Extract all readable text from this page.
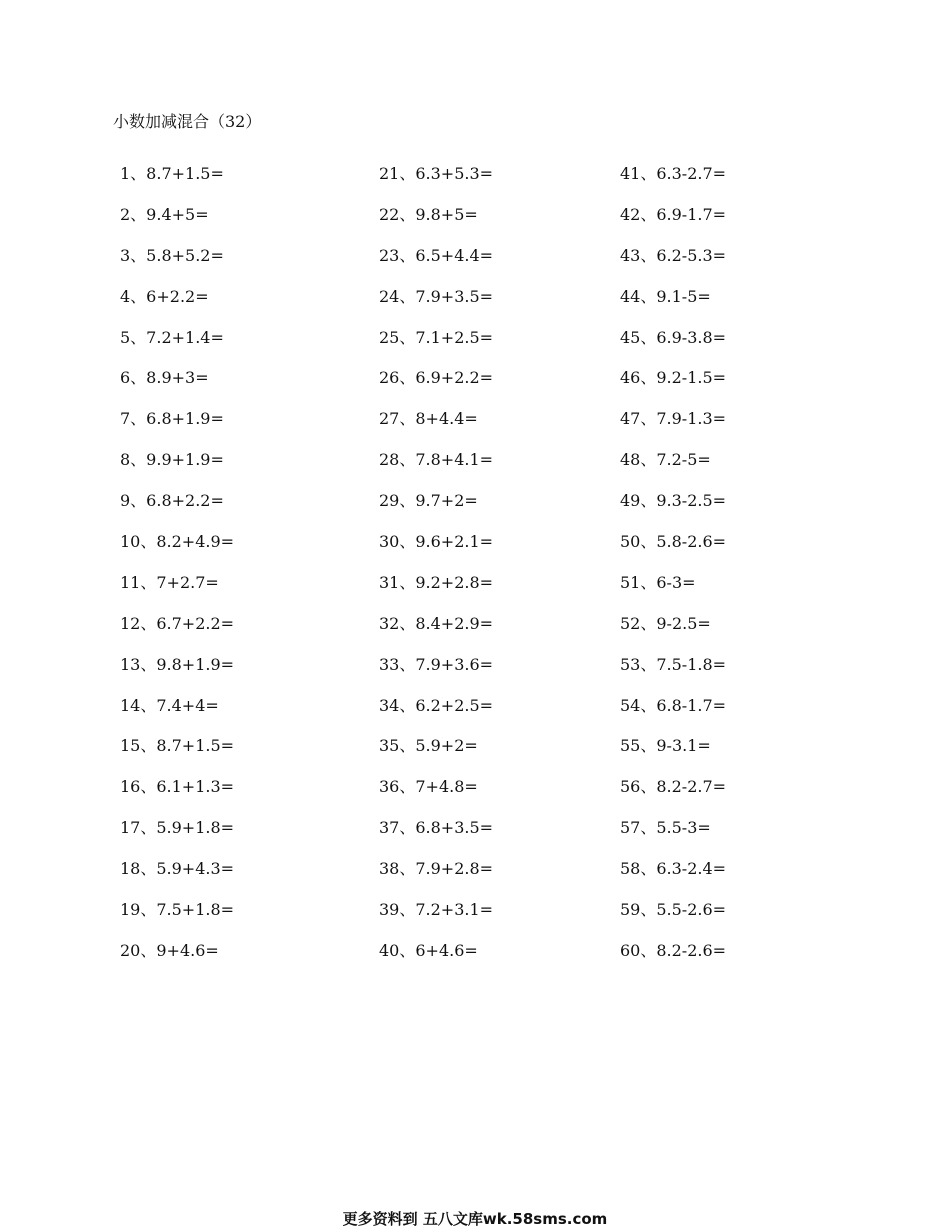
小数加减混合（32）
1、8.7+1.5=
2、9.4+5=
3、5.8+5.2=
4、6+2.2=
5、7.2+1.4=
6、8.9+3=
7、6.8+1.9=
8、9.9+1.9=
9、6.8+2.2=
10、8.2+4.9=
11、7+2.7=
12、6.7+2.2=
13、9.8+1.9=
14、7.4+4=
15、8.7+1.5=
16、6.1+1.3=
17、5.9+1.8=
18、5.9+4.3=
19、7.5+1.8=
20、9+4.6=
21、6.3+5.3=
22、9.8+5=
23、6.5+4.4=
24、7.9+3.5=
25、7.1+2.5=
26、6.9+2.2=
27、8+4.4=
28、7.8+4.1=
29、9.7+2=
30、9.6+2.1=
31、9.2+2.8=
32、8.4+2.9=
33、7.9+3.6=
34、6.2+2.5=
35、5.9+2=
36、7+4.8=
37、6.8+3.5=
38、7.9+2.8=
39、7.2+3.1=
40、6+4.6=
41、6.3-2.7=
42、6.9-1.7=
43、6.2-5.3=
44、9.1-5=
45、6.9-3.8=
46、9.2-1.5=
47、7.9-1.3=
48、7.2-5=
49、9.3-2.5=
50、5.8-2.6=
51、6-3=
52、9-2.5=
53、7.5-1.8=
54、6.8-1.7=
55、9-3.1=
56、8.2-2.7=
57、5.5-3=
58、6.3-2.4=
59、5.5-2.6=
60、8.2-2.6=
更多资料到 五八文库wk.58sms.com
